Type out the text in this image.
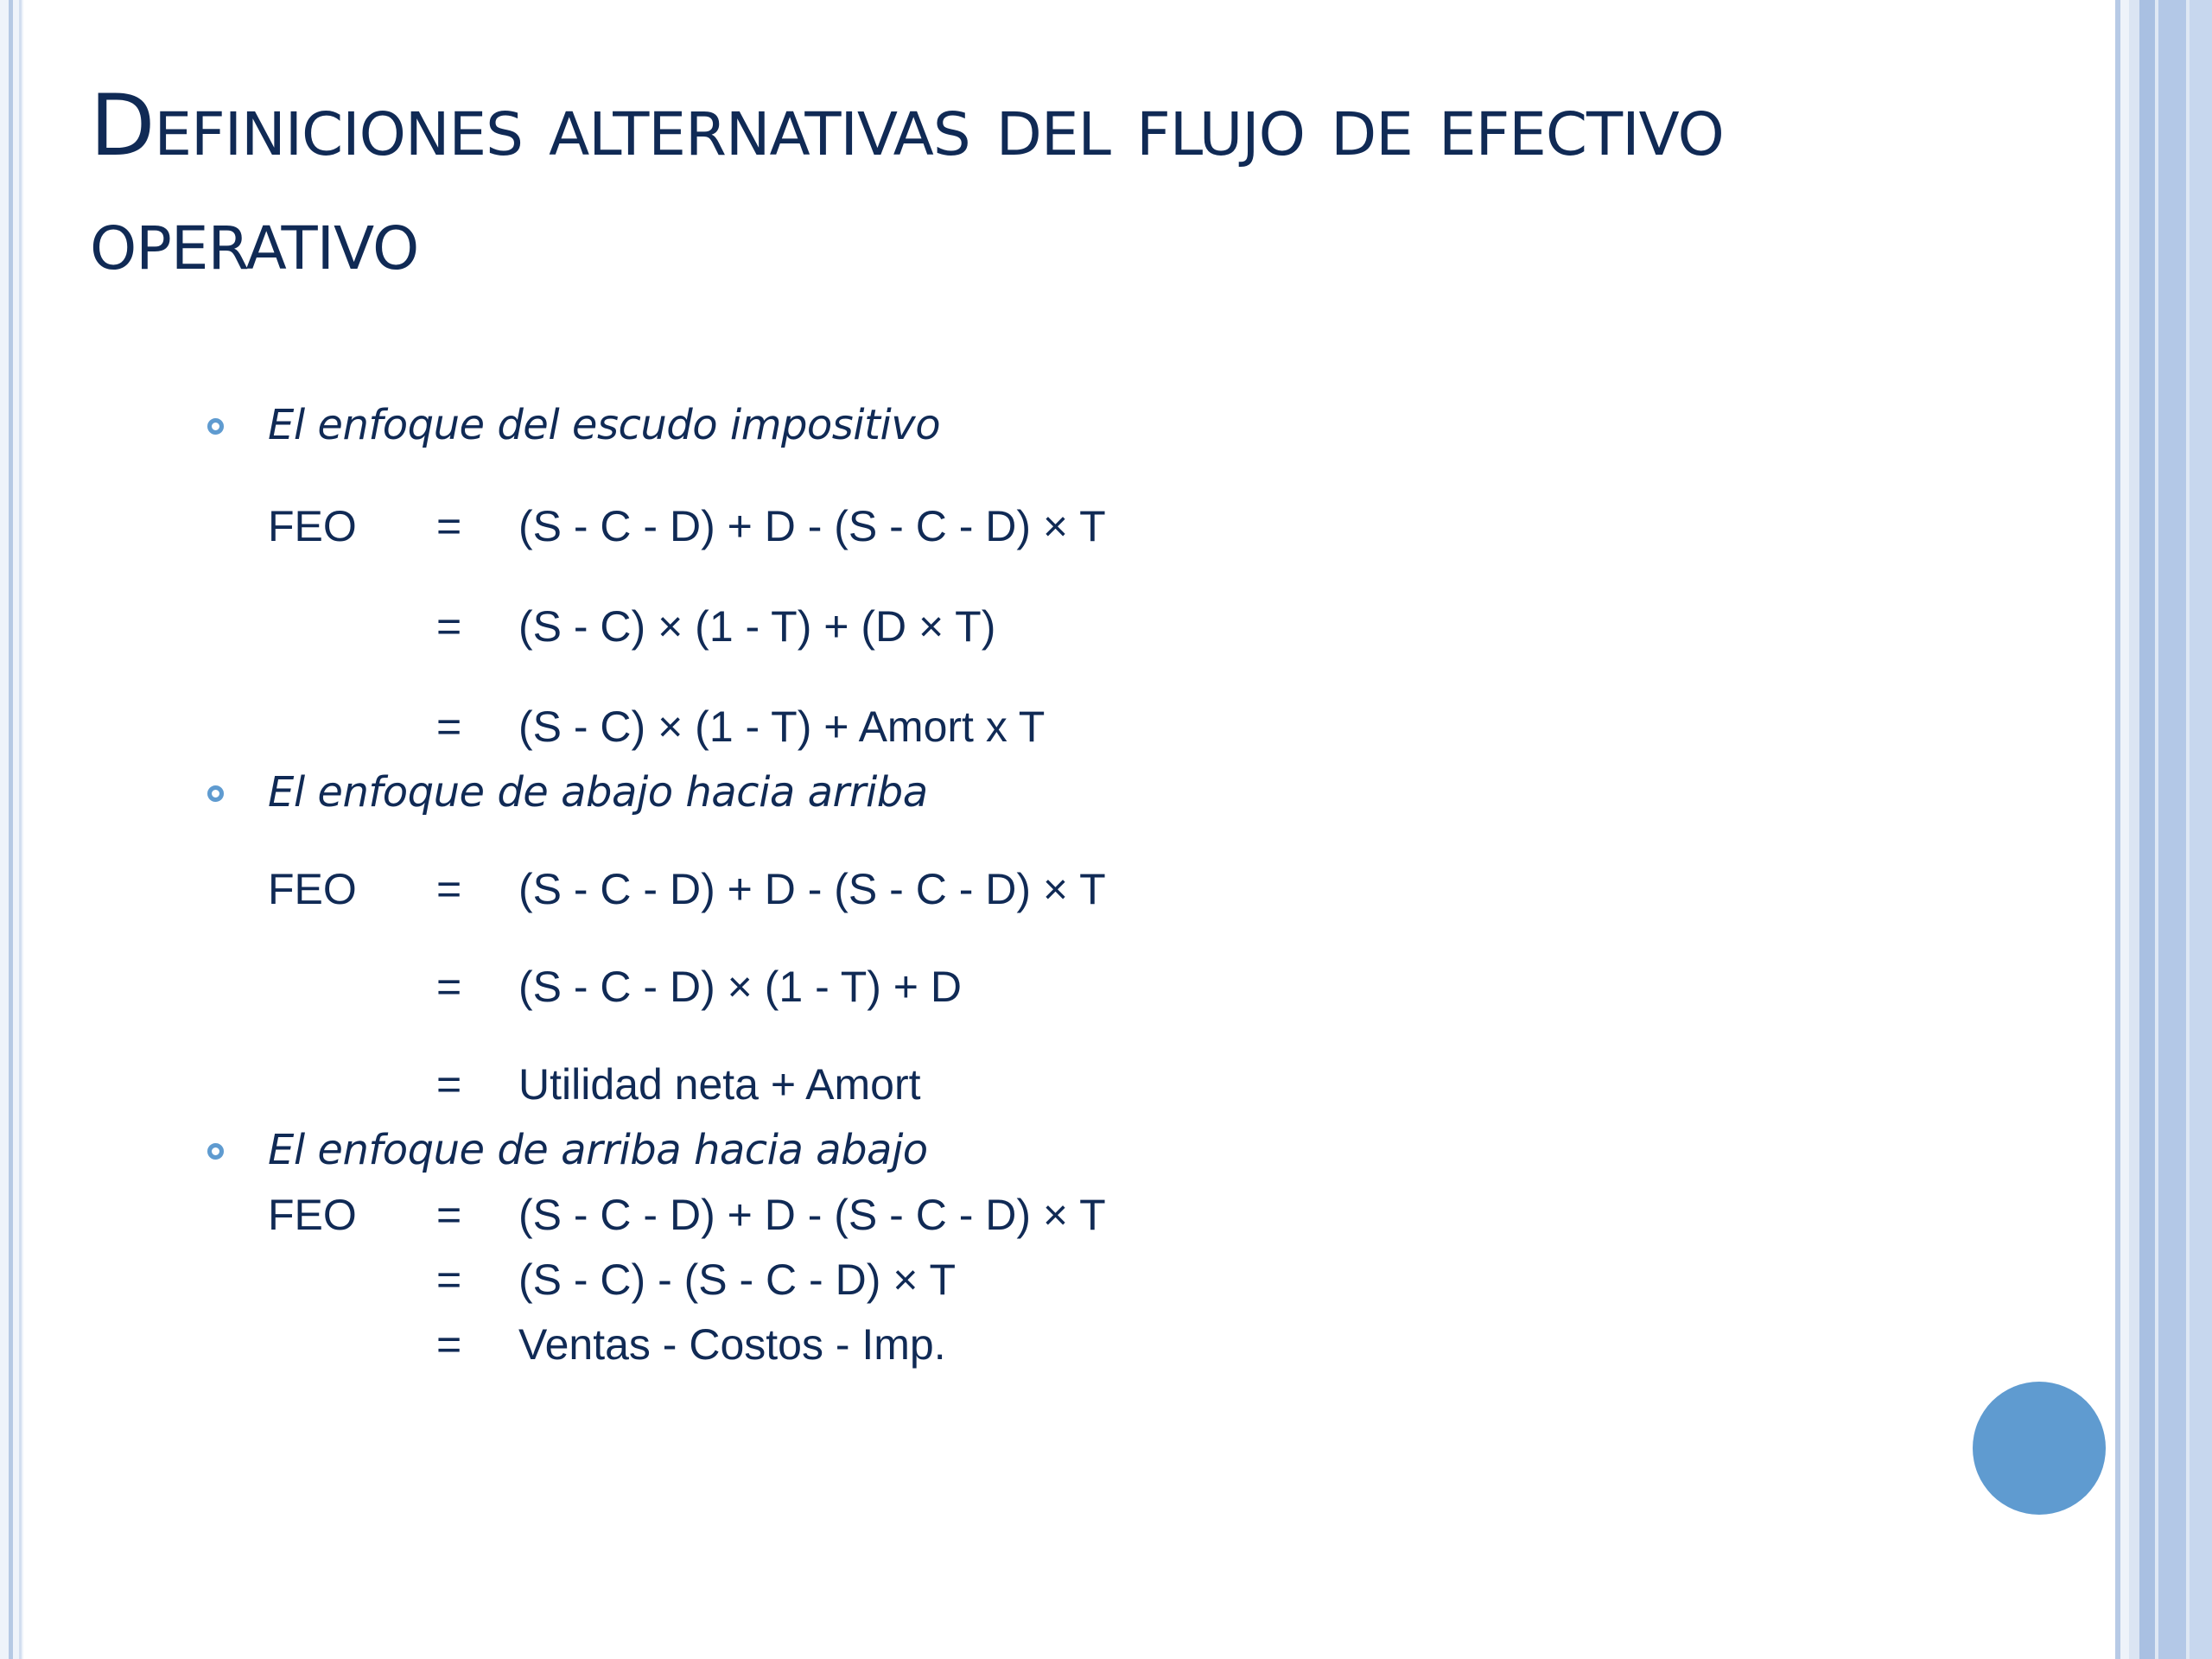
Definiciones alternativas del flujo de efectivo operativo
El enfoque del escudo impositivo
FEO = (S - C - D) + D - (S - C - D) × T
= (S - C) × (1 - T) + (D × T)
= (S - C) × (1 - T) + Amort x T
El enfoque de abajo hacia arriba
FEO = (S - C - D) + D - (S - C - D) × T
= (S - C - D) × (1 - T) + D
= Utilidad neta + Amort
El enfoque de arriba hacia abajo
FEO = (S - C - D) + D - (S - C - D) × T
= (S - C) - (S - C - D) × T
= Ventas - Costos - Imp.
